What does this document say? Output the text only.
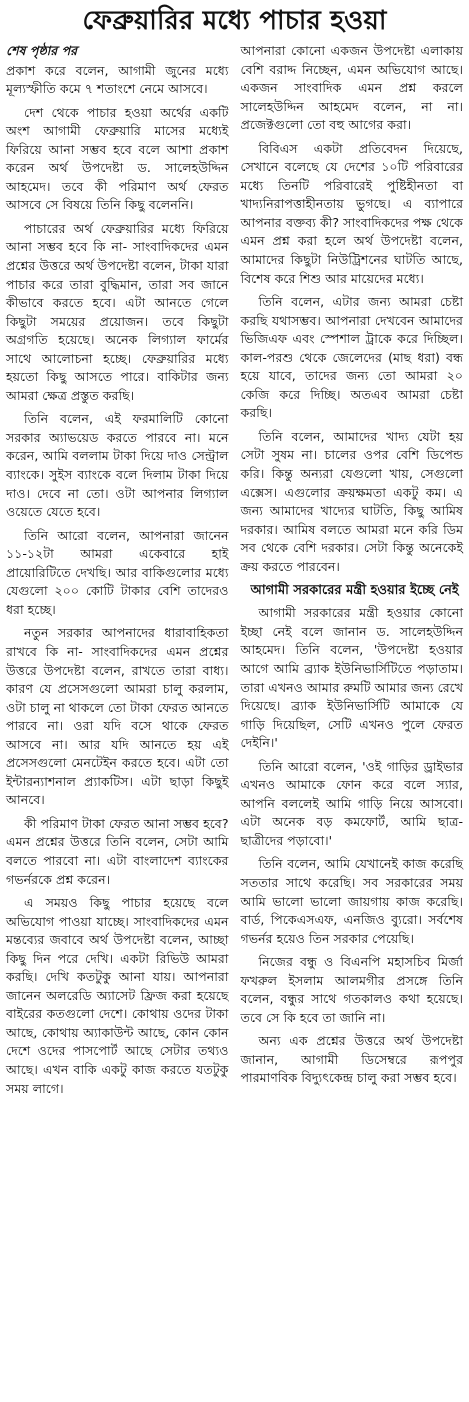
ফেব্রুয়ারির মধ্যে পাচার হওয়া
শেষ পৃষ্ঠার পর

প্রকাশ করে বলেন, আগামী জুনের মধ্যে মূল্যস্ফীতি কমে ৭ শতাংশে নেমে আসবে।

দেশ থেকে পাচার হওয়া অর্থের একটি অংশ আগামী ফেব্রুয়ারি মাসের মধ্যেই ফিরিয়ে আনা সম্ভব হবে বলে আশা প্রকাশ করেন অর্থ উপদেষ্টা ড. সালেহউদ্দিন আহমেদ। তবে কী পরিমাণ অর্থ ফেরত আসবে সে বিষয়ে তিনি কিছু বলেননি।

পাচারের অর্থ ফেব্রুয়ারির মধ্যে ফিরিয়ে আনা সম্ভব হবে কি না- সাংবাদিকদের এমন প্রশ্নের উত্তরে অর্থ উপদেষ্টা বলেন, টাকা যারা পাচার করে তারা বুদ্ধিমান, তারা সব জানে কীভাবে করতে হবে। এটা আনতে গেলে কিছুটা সময়ের প্রয়োজন। তবে কিছুটা অগ্রগতি হয়েছে। অনেক লিগ্যাল ফার্মের সাথে আলোচনা হচ্ছে। ফেব্রুয়ারির মধ্যে হয়তো কিছু আসতে পারে। বাকিটার জন্য আমরা ক্ষেত্র প্রস্তুত করছি।

তিনি বলেন, এই ফরমালিটি কোনো সরকার অ্যাভয়েড করতে পারবে না। মনে করেন, আমি বললাম টাকা দিয়ে দাও সেন্ট্রাল ব্যাংকে। সুইস ব্যাংকে বলে দিলাম টাকা দিয়ে দাও। দেবে না তো। ওটা আপনার লিগ্যাল ওয়েতে যেতে হবে।

তিনি আরো বলেন, আপনারা জানেন ১১-১২টা আমরা একেবারে হাই প্রায়োরিটিতে দেখছি। আর বাকিগুলোর মধ্যে যেগুলো ২০০ কোটি টাকার বেশি তাদেরও ধরা হচ্ছে।

নতুন সরকার আপনাদের ধারাবাহিকতা রাখবে কি না- সাংবাদিকদের এমন প্রশ্নের উত্তরে উপদেষ্টা বলেন, রাখতে তারা বাধ্য। কারণ যে প্রসেসগুলো আমরা চালু করলাম, ওটা চালু না থাকলে তো টাকা ফেরত আনতে পারবে না। ওরা যদি বসে থাকে ফেরত আসবে না। আর যদি আনতে হয় এই প্রসেসগুলো মেনটেইন করতে হবে। এটা তো ইন্টারন্যাশনাল প্র্যাকটিস। এটা ছাড়া কিছুই আনবে।

কী পরিমাণ টাকা ফেরত আনা সম্ভব হবে? এমন প্রশ্নের উত্তরে তিনি বলেন, সেটা আমি বলতে পারবো না। এটা বাংলাদেশ ব্যাংকের গভর্নরকে প্রশ্ন করেন।

এ সময়ও কিছু পাচার হয়েছে বলে অভিযোগ পাওয়া যাচ্ছে। সাংবাদিকদের এমন মন্তব্যের জবাবে অর্থ উপদেষ্টা বলেন, আচ্ছা কিছু দিন পরে দেখি। একটা রিভিউ আমরা করছি। দেখি কতটুকু আনা যায়। আপনারা জানেন অলরেডি অ্যাসেট ফ্রিজ করা হয়েছে বাইরের কতগুলো দেশে। কোথায় ওদের টাকা আছে, কোথায় অ্যাকাউন্ট আছে, কোন কোন দেশে ওদের পাসপোর্ট আছে সেটার তথ্যও আছে। এখন বাকি একটু কাজ করতে যতটুকু সময় লাগে।

আপনারা কোনো একজন উপদেষ্টা এলাকায় বেশি বরাদ্দ নিচ্ছেন, এমন অভিযোগ আছে। একজন সাংবাদিক এমন প্রশ্ন করলে সালেহউদ্দিন আহমেদ বলেন, না না। প্রজেক্টগুলো তো বহু আগের করা।

বিবিএস একটা প্রতিবেদন দিয়েছে, সেখানে বলেছে যে দেশের ১০টি পরিবারের মধ্যে তিনটি পরিবারেই পুষ্টিহীনতা বা খাদ্যনিরাপত্তাহীনতায় ভুগছে। এ ব্যাপারে আপনার বক্তব্য কী? সাংবাদিকদের পক্ষ থেকে এমন প্রশ্ন করা হলে অর্থ উপদেষ্টা বলেন, আমাদের কিছুটা নিউট্রিশনের ঘাটতি আছে, বিশেষ করে শিশু আর মায়েদের মধ্যে।

তিনি বলেন, এটার জন্য আমরা চেষ্টা করছি যথাসম্ভব। আপনারা দেখবেন আমাদের ভিজিএফ এবং স্পেশাল ট্রাকে করে দিচ্ছিল। কাল-পরশু থেকে জেলেদের (মাছ ধরা) বন্ধ হয়ে যাবে, তাদের জন্য তো আমরা ২০ কেজি করে দিচ্ছি। অতএব আমরা চেষ্টা করছি।

তিনি বলেন, আমাদের খাদ্য যেটা হয় সেটা সুষম না। চালের ওপর বেশি ডিপেন্ড করি। কিন্তু অন্যরা যেগুলো খায়, সেগুলো এক্সেস। এগুলোর ক্রয়ক্ষমতা একটু কম। এ জন্য আমাদের খাদ্যের ঘাটতি, কিছু আমিষ দরকার। আমিষ বলতে আমরা মনে করি ডিম সব থেকে বেশি দরকার। সেটা কিন্তু অনেকেই ক্রয় করতে পারবেন।

আগামী সরকারের মন্ত্রী হওয়ার ইচ্ছে নেই

আগামী সরকারের মন্ত্রী হওয়ার কোনো ইচ্ছা নেই বলে জানান ড. সালেহউদ্দিন আহমেদ। তিনি বলেন, 'উপদেষ্টা হওয়ার আগে আমি ব্র্যাক ইউনিভার্সিটিতে পড়াতাম। তারা এখনও আমার রুমটি আমার জন্য রেখে দিয়েছে। ব্র্যাক ইউনিভার্সিটি আমাকে যে গাড়ি দিয়েছিল, সেটি এখনও পুলে ফেরত দেইনি।'

তিনি আরো বলেন, 'ওই গাড়ির ড্রাইভার এখনও আমাকে ফোন করে বলে স্যার, আপনি বললেই আমি গাড়ি নিয়ে আসবো। এটা অনেক বড় কমফোর্ট, আমি ছাত্র-ছাত্রীদের পড়াবো।'

তিনি বলেন, আমি যেখানেই কাজ করেছি সততার সাথে করেছি। সব সরকারের সময় আমি ভালো ভালো জায়গায় কাজ করেছি। বার্ড, পিকেএসএফ, এনজিও ব্যুরো। সর্বশেষ গভর্নর হয়েও তিন সরকার পেয়েছি।

নিজের বন্ধু ও বিএনপি মহাসচিব মির্জা ফখরুল ইসলাম আলমগীর প্রসঙ্গে তিনি বলেন, বন্ধুর সাথে গতকালও কথা হয়েছে। তবে সে কি হবে তা জানি না।

অন্য এক প্রশ্নের উত্তরে অর্থ উপদেষ্টা জানান, আগামী ডিসেম্বরে রূপপুর পারমাণবিক বিদ্যুৎকেন্দ্র চালু করা সম্ভব হবে।
